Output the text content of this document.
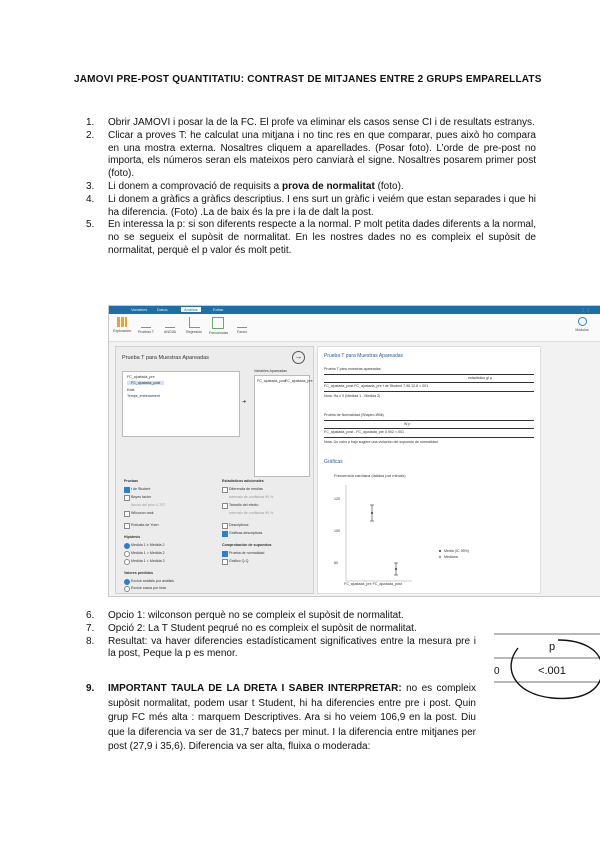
JAMOVI PRE-POST QUANTITATIU: CONTRAST DE MITJANES ENTRE 2 GRUPS EMPARELLATS
1. Obrir JAMOVI i posar la de la FC. El profe va eliminar els casos sense CI i de resultats estranys.
2. Clicar a proves T: he calculat una mitjana i no tinc res en que comparar, pues això ho compara en una mostra externa. Nosaltres cliquem a aparellades. (Posar foto). L’orde de pre-post no importa, els números seran els mateixos pero canviarà el signe. Nosaltres posarem primer post (foto).
3. Li donem a comprovació de requisits a prova de normalitat (foto).
4. Li donem a gràfics a gràfics descriptius. I ens surt un gràfic i veiém que estan separades i que hi ha diferencia. (Foto) .La de baix és la pre i la de dalt la post.
5. En interessa la p: si son diferents respecte a la normal. P molt petita dades diferents a la normal, no se segueix el supòsit de normalitat. En les nostres dades no es compleix el supòsit de normalitat, perquè el p valor és molt petit.
Variables Datos	Análisis	Editar	⋮ ⋮
Exploración Pruebas T	ANOVA	Regresión Frecuencias	Factor	Módulos
Prueba T para Muestras Apareadas	→
FC_ajustada_pre
FC_ajustada_post
Edat
Temps_entrenament
➜
Variables Apareadas
FC_ajustada_post
FC_ajustada_pre
Pruebas
t de Student
Bayes factor
Ancho del prior 0.707
Wilcoxon rank
Robusta de Yuen
Hipótesis
Medida 1 ≠ Medida 2
Medida 1 > Medida 2
Medida 1 < Medida 2
Valores perdidos
Excluir análisis por análisis
Excluir casos por lista
Estadísticos adicionales
Diferencia de medias
Intervalo de confianza 95 %
Tamaño del efecto
Intervalo de confianza 95 %
Descriptivos
Gráficas descriptivas
Comprobación de supuestos
Prueba de normalidad
Gráfico Q-Q
Prueba T para Muestras Apareadas
Prueba T para muestras apareadas
estadístico gl p
FC_ajustada_post FC_ajustada_pre t de Student 7.96 12.8 <.001
Nota. Ha ≠ 0 (Medida 1 - Medida 2)
Prueba de Normalidad (Shapiro-Wilk)
W p
FC_ajustada_post - FC_ajustada_pre 0.902 <.001
Nota. Un valor p bajo sugiere una violación del supuesto de normalidad
Gráficas
Frecuencia cardíaca (latidos por minuto)
120
100
80
FC_ajustada_pre FC_ajustada_post
Media (IC 95%)
Mediana
6. Opcio 1: wilconson perquè no se compleix el supòsit de normalitat.
7. Opció 2: La T Student peqrué no es compleix el supòsit de normalitat.
8. Resultat: va haver diferencies estadísticament significatives entre la mesura pre i la post, Peque la p es menor.
9. IMPORTANT TAULA DE LA DRETA I SABER INTERPRETAR: no es compleix supòsit normalitat, podem usar t Student, hi ha diferencies entre pre i post. Quin grup FC més alta : marquem Descriptives. Ara si ho veiem 106,9 en la post. Diu que la diferencia va ser de 31,7 batecs per minut. I la diferencia entre mitjanes per post (27,9 i 35,6). Diferencia va ser alta, fluixa o moderada:
p
<.001
0
